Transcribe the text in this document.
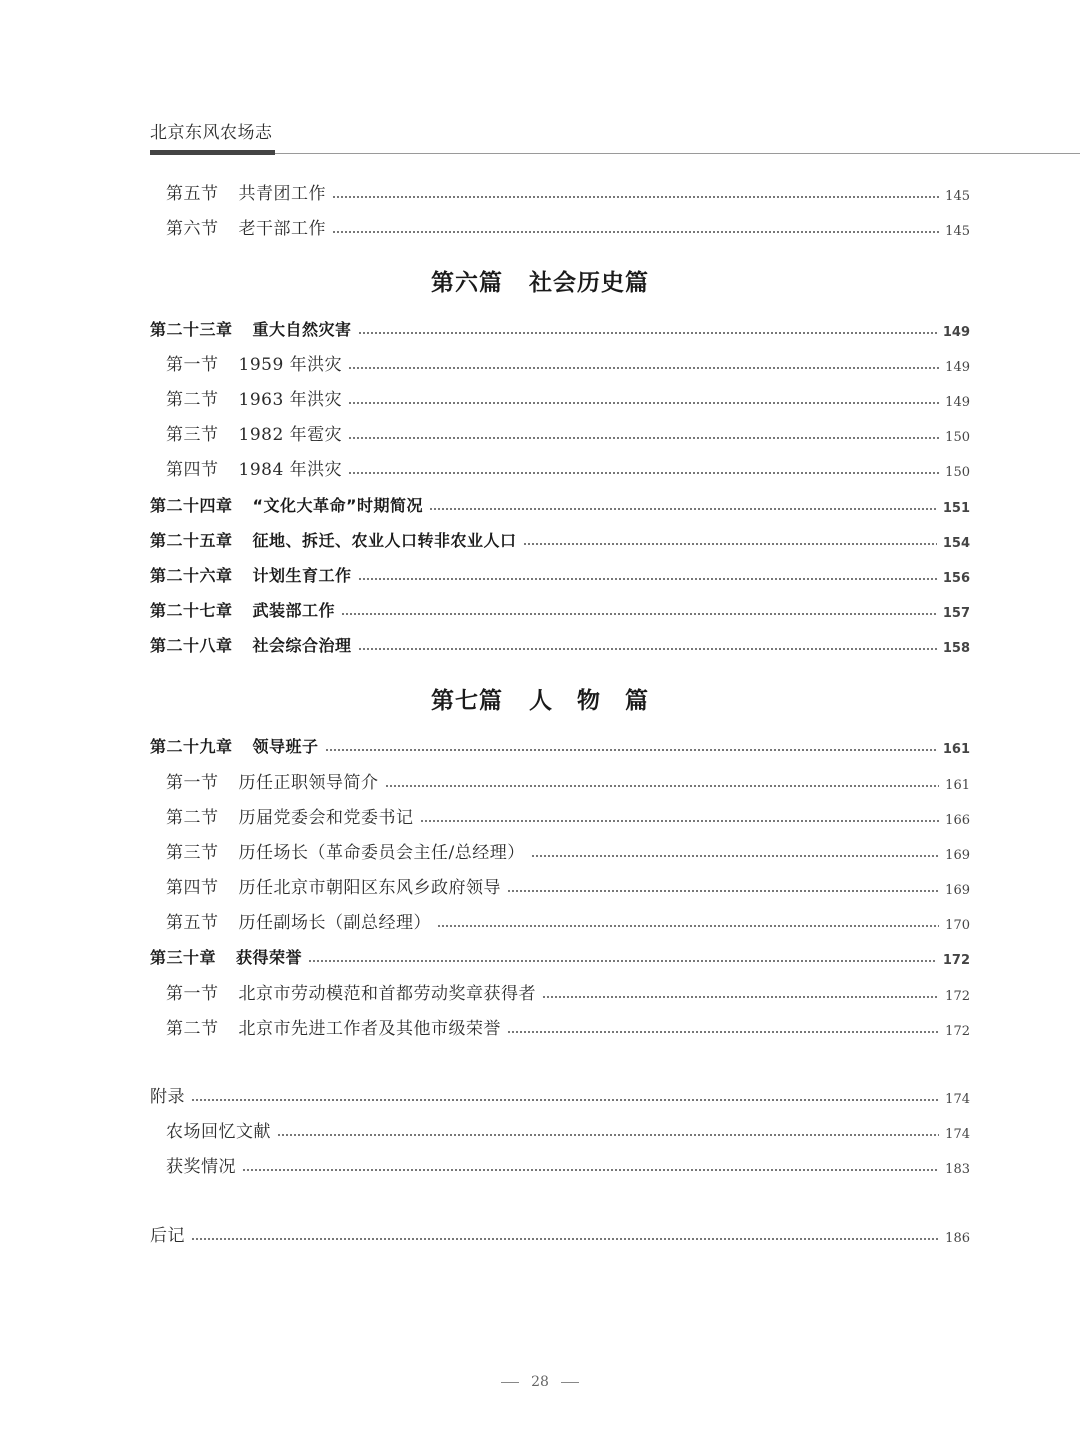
北京东风农场志
第五节 共青团工作	145
第六节 老干部工作	145
第六篇 社会历史篇
第二十三章 重大自然灾害	149
第一节 1959 年洪灾	149
第二节 1963 年洪灾	149
第三节 1982 年雹灾	150
第四节 1984 年洪灾	150
第二十四章 “文化大革命”时期简况	151
第二十五章 征地、拆迁、农业人口转非农业人口	154
第二十六章 计划生育工作	156
第二十七章 武装部工作	157
第二十八章 社会综合治理	158
第七篇 人　物　篇
第二十九章 领导班子	161
第一节 历任正职领导简介	161
第二节 历届党委会和党委书记	166
第三节 历任场长（革命委员会主任/总经理）	169
第四节 历任北京市朝阳区东风乡政府领导	169
第五节 历任副场长（副总经理）	170
第三十章 获得荣誉	172
第一节 北京市劳动模范和首都劳动奖章获得者	172
第二节 北京市先进工作者及其他市级荣誉	172
附录	174
农场回忆文献	174
获奖情况	183
后记	186
28
